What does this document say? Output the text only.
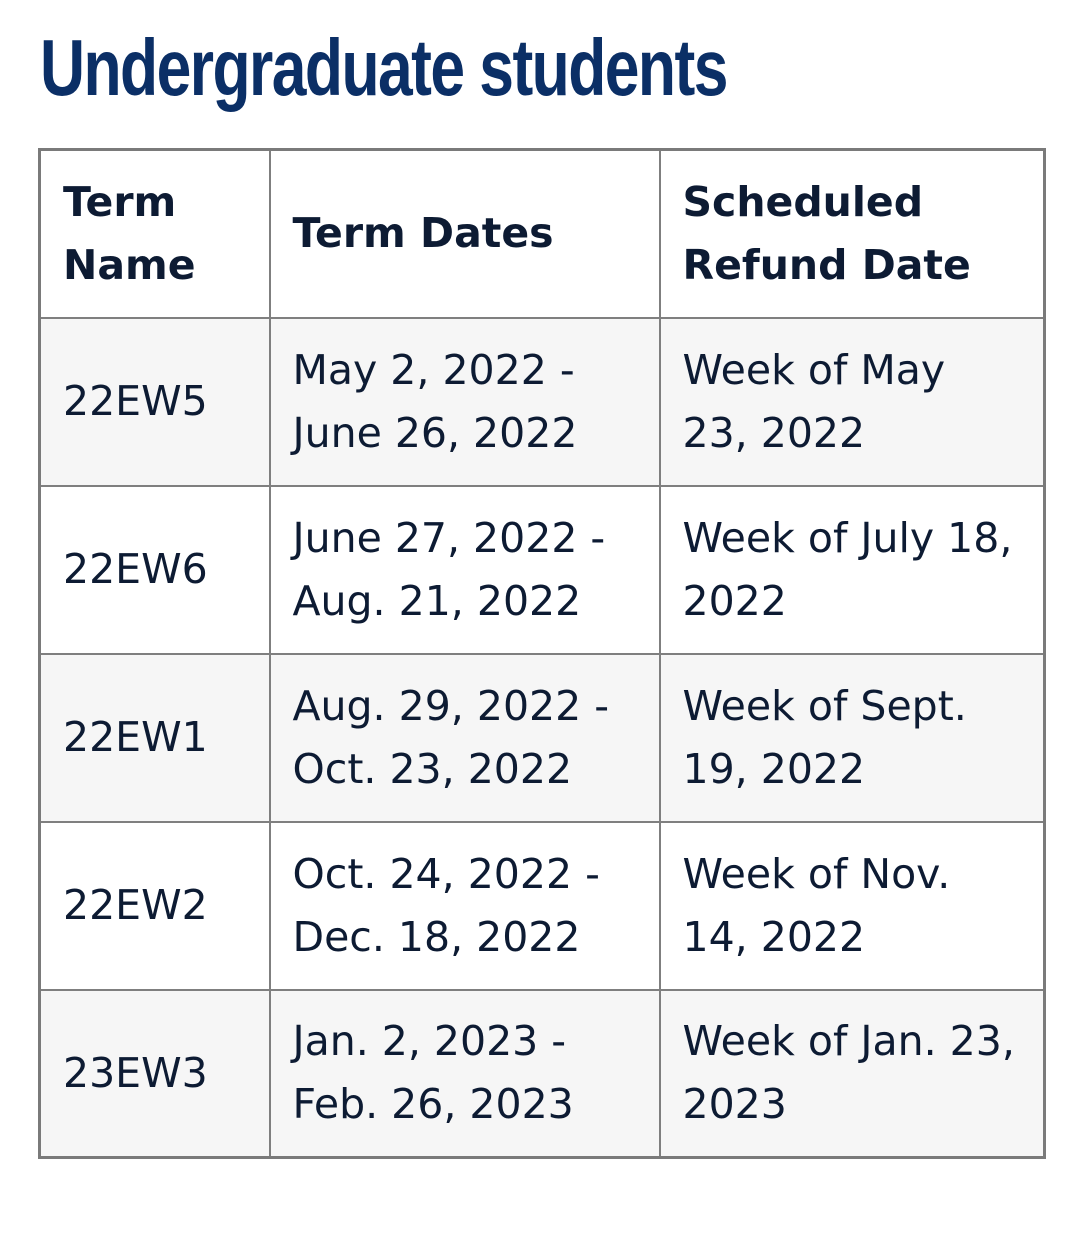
Undergraduate students
Term Name	Term Dates	Scheduled Refund Date
22EW5	May 2, 2022 - June 26, 2022	Week of May 23, 2022
22EW6	June 27, 2022 - Aug. 21, 2022	Week of July 18, 2022
22EW1	Aug. 29, 2022 - Oct. 23, 2022	Week of Sept. 19, 2022
22EW2	Oct. 24, 2022 - Dec. 18, 2022	Week of Nov. 14, 2022
23EW3	Jan. 2, 2023 - Feb. 26, 2023	Week of Jan. 23, 2023
